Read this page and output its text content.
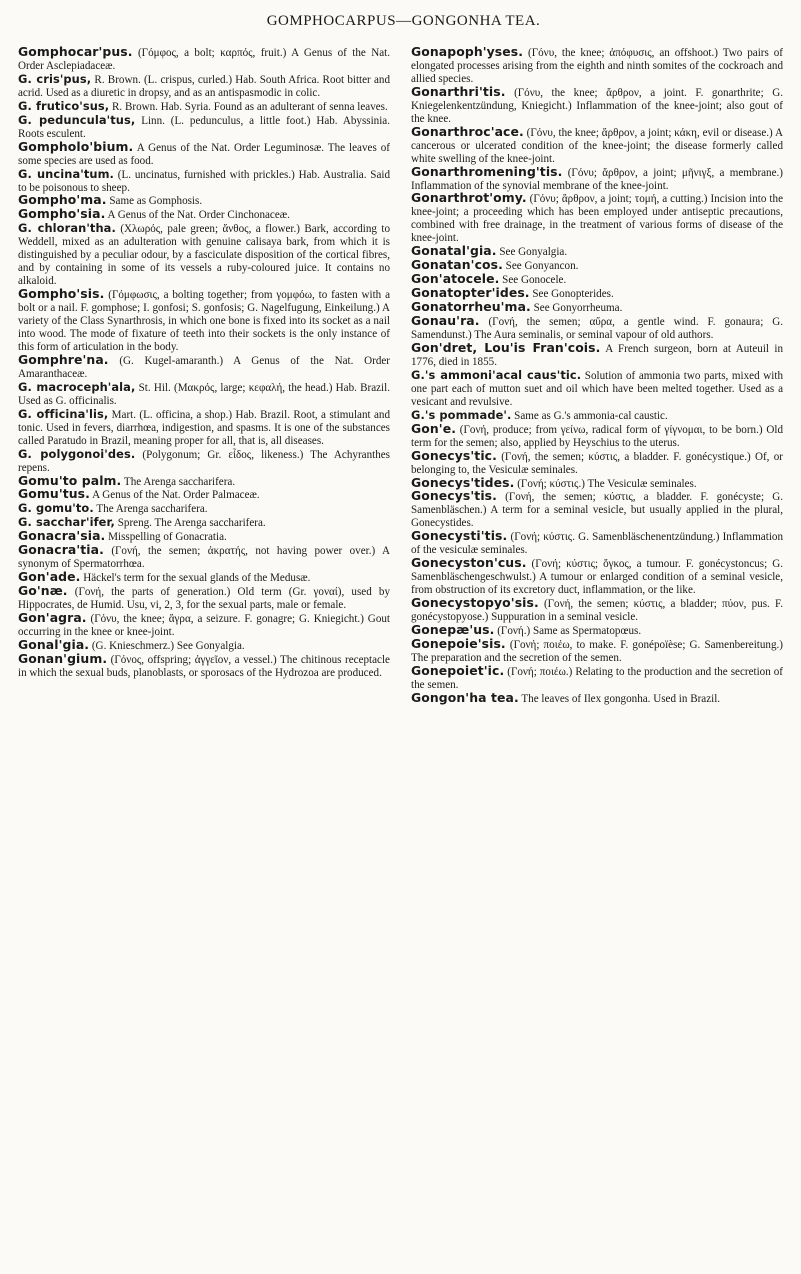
GOMPHOCARPUS—GONGONHA TEA.

Gomphocar'pus. (Γόμφος, a bolt; καρπός, fruit.) A Genus of the Nat. Order Asclepiadaceæ.

G. cris'pus, R. Brown. (L. crispus, curled.) Hab. South Africa. Root bitter and acrid. Used as a diuretic in dropsy, and as an antispasmodic in colic.

G. frutico'sus, R. Brown. Hab. Syria. Found as an adulterant of senna leaves.

G. peduncula'tus, Linn. (L. pedunculus, a little foot.) Hab. Abyssinia. Roots esculent.

Gompholo'bium. A Genus of the Nat. Order Leguminosæ. The leaves of some species are used as food.

G. uncina'tum. (L. uncinatus, furnished with prickles.) Hab. Australia. Said to be poisonous to sheep.

Gompho'ma. Same as Gomphosis.

Gompho'sia. A Genus of the Nat. Order Cinchonaceæ.

G. chloran'tha. (Χλωρός, pale green; ἄνθος, a flower.) Bark, according to Weddell, mixed as an adulteration with genuine calisaya bark, from which it is distinguished by a peculiar odour, by a fasciculate disposition of the cortical fibres, and by containing in some of its vessels a ruby-coloured juice. It contains no alkaloid.

Gompho'sis. (Γόμφωσις, a bolting together; from γομφόω, to fasten with a bolt or a nail. F. gomphose; I. gonfosi; S. gonfosis; G. Nagelfugung, Einkeilung.) A variety of the Class Synarthrosis, in which one bone is fixed into its socket as a nail into wood. The mode of fixature of teeth into their sockets is the only instance of this form of articulation in the body.

Gomphre'na. (G. Kugel-amaranth.) A Genus of the Nat. Order Amaranthaceæ.

G. macroceph'ala, St. Hil. (Μακρός, large; κεφαλή, the head.) Hab. Brazil. Used as G. officinalis.

G. officina'lis, Mart. (L. officina, a shop.) Hab. Brazil. Root, a stimulant and tonic. Used in fevers, diarrhœa, indigestion, and spasms. It is one of the substances called Paratudo in Brazil, meaning proper for all, that is, all diseases.

G. polygonoi'des. (Polygonum; Gr. εἶδος, likeness.) The Achyranthes repens.

Gomu'to palm. The Arenga saccharifera.

Gomu'tus. A Genus of the Nat. Order Palmaceæ.

G. gomu'to. The Arenga saccharifera.

G. sacchar'ifer, Spreng. The Arenga saccharifera.

Gonacra'sia. Misspelling of Gonacratia.

Gonacra'tia. (Γονή, the semen; ἀκρατής, not having power over.) A synonym of Spermatorrhœa.

Gon'ade. Häckel's term for the sexual glands of the Medusæ.

Go'næ. (Γονή, the parts of generation.) Old term (Gr. γοναί), used by Hippocrates, de Humid. Usu, vi, 2, 3, for the sexual parts, male or female.

Gon'agra. (Γόνυ, the knee; ἄγρα, a seizure. F. gonagre; G. Kniegicht.) Gout occurring in the knee or knee-joint.

Gonal'gia. (G. Knieschmerz.) See Gonyalgia.

Gonan'gium. (Γόνος, offspring; ἀγγεῖον, a vessel.) The chitinous receptacle in which the sexual buds, planoblasts, or sporosacs of the Hydrozoa are produced.

Gonapoph'yses. (Γόνυ, the knee; ἀπόφυσις, an offshoot.) Two pairs of elongated processes arising from the eighth and ninth somites of the cockroach and allied species.

Gonarthri'tis. (Γόνυ, the knee; ἄρθρον, a joint. F. gonarthrite; G. Kniegelenkentzündung, Kniegicht.) Inflammation of the knee-joint; also gout of the knee.

Gonarthroc'ace. (Γόνυ, the knee; ἄρθρον, a joint; κάκη, evil or disease.) A cancerous or ulcerated condition of the knee-joint; the disease formerly called white swelling of the knee-joint.

Gonarthromening'tis. (Γόνυ; ἄρθρον, a joint; μῆνιγξ, a membrane.) Inflammation of the synovial membrane of the knee-joint.

Gonarthrot'omy. (Γόνυ; ἄρθρον, a joint; τομή, a cutting.) Incision into the knee-joint; a proceeding which has been employed under antiseptic precautions, combined with free drainage, in the treatment of various forms of disease of the knee-joint.

Gonatal'gia. See Gonyalgia.

Gonatan'cos. See Gonyancon.

Gon'atocele. See Gonocele.

Gonatopter'ides. See Gonopterides.

Gonatorrheu'ma. See Gonyorrheuma.

Gonau'ra. (Γονή, the semen; αὔρα, a gentle wind. F. gonaura; G. Samendunst.) The Aura seminalis, or seminal vapour of old authors.

Gon'dret, Lou'is Fran'cois. A French surgeon, born at Auteuil in 1776, died in 1855.

G.'s ammoni'acal caus'tic. Solution of ammonia two parts, mixed with one part each of mutton suet and oil which have been melted together. Used as a vesicant and revulsive.

G.'s pommade'. Same as G.'s ammonia-cal caustic.

Gon'e. (Γονή, produce; from γείνω, radical form of γίγνομαι, to be born.) Old term for the semen; also, applied by Heyschius to the uterus.

Gonecys'tic. (Γονή, the semen; κύστις, a bladder. F. gonécystique.) Of, or belonging to, the Vesiculæ seminales.

Gonecys'tides. (Γονή; κύστις.) The Vesiculæ seminales.

Gonecys'tis. (Γονή, the semen; κύστις, a bladder. F. gonécyste; G. Samenbläschen.) A term for a seminal vesicle, but usually applied in the plural, Gonecystides.

Gonecysti'tis. (Γονή; κύστις. G. Samenbläschenentzündung.) Inflammation of the vesiculæ seminales.

Gonecyston'cus. (Γονή; κύστις; ὄγκος, a tumour. F. gonécystoncus; G. Samenbläschengeschwulst.) A tumour or enlarged condition of a seminal vesicle, from obstruction of its excretory duct, inflammation, or the like.

Gonecystopyo'sis. (Γονή, the semen; κύστις, a bladder; πύον, pus. F. gonécystopyose.) Suppuration in a seminal vesicle.

Gonepæ'us. (Γονή.) Same as Spermatopœus.

Gonepoie'sis. (Γονή; ποιέω, to make. F. gonépoïèse; G. Samenbereitung.) The preparation and the secretion of the semen.

Gonepoiet'ic. (Γονή; ποιέω.) Relating to the production and the secretion of the semen.

Gongon'ha tea. The leaves of Ilex gongonha. Used in Brazil.
